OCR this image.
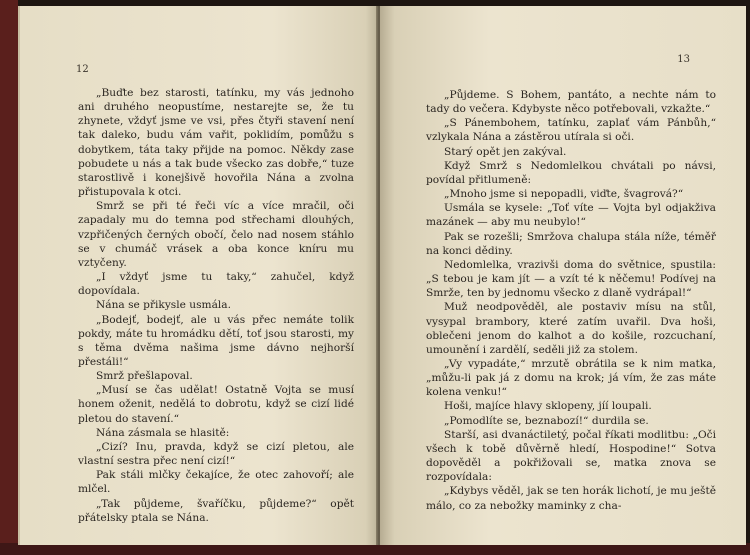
12

„Buďte bez starosti, tatínku, my vás jednoho ani druhého neopustíme, nestarejte se, že tu zhynete, vždyť jsme ve vsi, přes čtyři stavení není tak daleko, budu vám vařit, poklidím, pomůžu s dobytkem, táta taky přijde na pomoc. Někdy zase pobudete u nás a tak bude všecko zas dobře,“ tuze starostlivě i konejšivě hovořila Nána a zvolna přistupovala k otci.

Smrž se při té řeči víc a více mračil, oči zapadaly mu do temna pod střechami dlouhých, vzpřičených černých obočí, čelo nad nosem stáhlo se v chumáč vrásek a oba konce kníru mu vztyčeny.

„I vždyť jsme tu taky,“ zahučel, když dopovídala.

Nána se přikysle usmála.

„Bodejť, bodejť, ale u vás přec nemáte tolik pokdy, máte tu hromádku dětí, toť jsou starosti, my s těma dvěma našima jsme dávno nejhorší přestáli!“

Smrž přešlapoval.

„Musí se čas udělat! Ostatně Vojta se musí honem oženit, nedělá to dobrotu, když se cizí lidé pletou do stavení.“

Nána zásmala se hlasitě:

„Cizí? Inu, pravda, když se cizí pletou, ale vlastní sestra přec není cizí!“

Pak stáli mlčky čekajíce, že otec zahovoří; ale mlčel.

„Tak půjdeme, švaříčku, půjdeme?“ opět přátelsky ptala se Nána.

13

„Půjdeme. S Bohem, pantáto, a nechte nám to tady do večera. Kdybyste něco potřebovali, vzkažte.“

„S Pánembohem, tatínku, zaplať vám Pánbůh,“ vzlykala Nána a zástěrou utírala si oči.

Starý opět jen zakýval.

Když Smrž s Nedomlelkou chvátali po návsi, povídal přitlumeně:

„Mnoho jsme si nepopadli, viďte, švagrová?“

Usmála se kysele: „Toť víte — Vojta byl odjakživa mazánek — aby mu neubylo!“

Pak se rozešli; Smržova chalupa stála níže, téměř na konci dědiny.

Nedomlelka, vrazivši doma do světnice, spustila: „S tebou je kam jít — a vzít té k něčemu! Podívej na Smrže, ten by jednomu všecko z dlaně vydrápal!“

Muž neodpověděl, ale postaviv mísu na stůl, vysypal brambory, které zatím uvařil. Dva hoši, oblečeni jenom do kalhot a do košile, rozcuchaní, umounění i zardělí, seděli již za stolem.

„Vy vypadáte,“ mrzutě obrátila se k nim matka, „můžu-li pak já z domu na krok; já vím, že zas máte kolena venku!“

Hoši, majíce hlavy sklopeny, jíí loupali.

„Pomodlíte se, beznabozí!“ durdila se.

Starší, asi dvanáctiletý, počal říkati modlitbu: „Oči všech k tobě důvěrně hledí, Hospodine!“ Sotva dopověděl a pokřižovali se, matka znova se rozpovídala:

„Kdybys věděl, jak se ten horák lichotí, je mu ještě málo, co za nebožky maminky z cha-
